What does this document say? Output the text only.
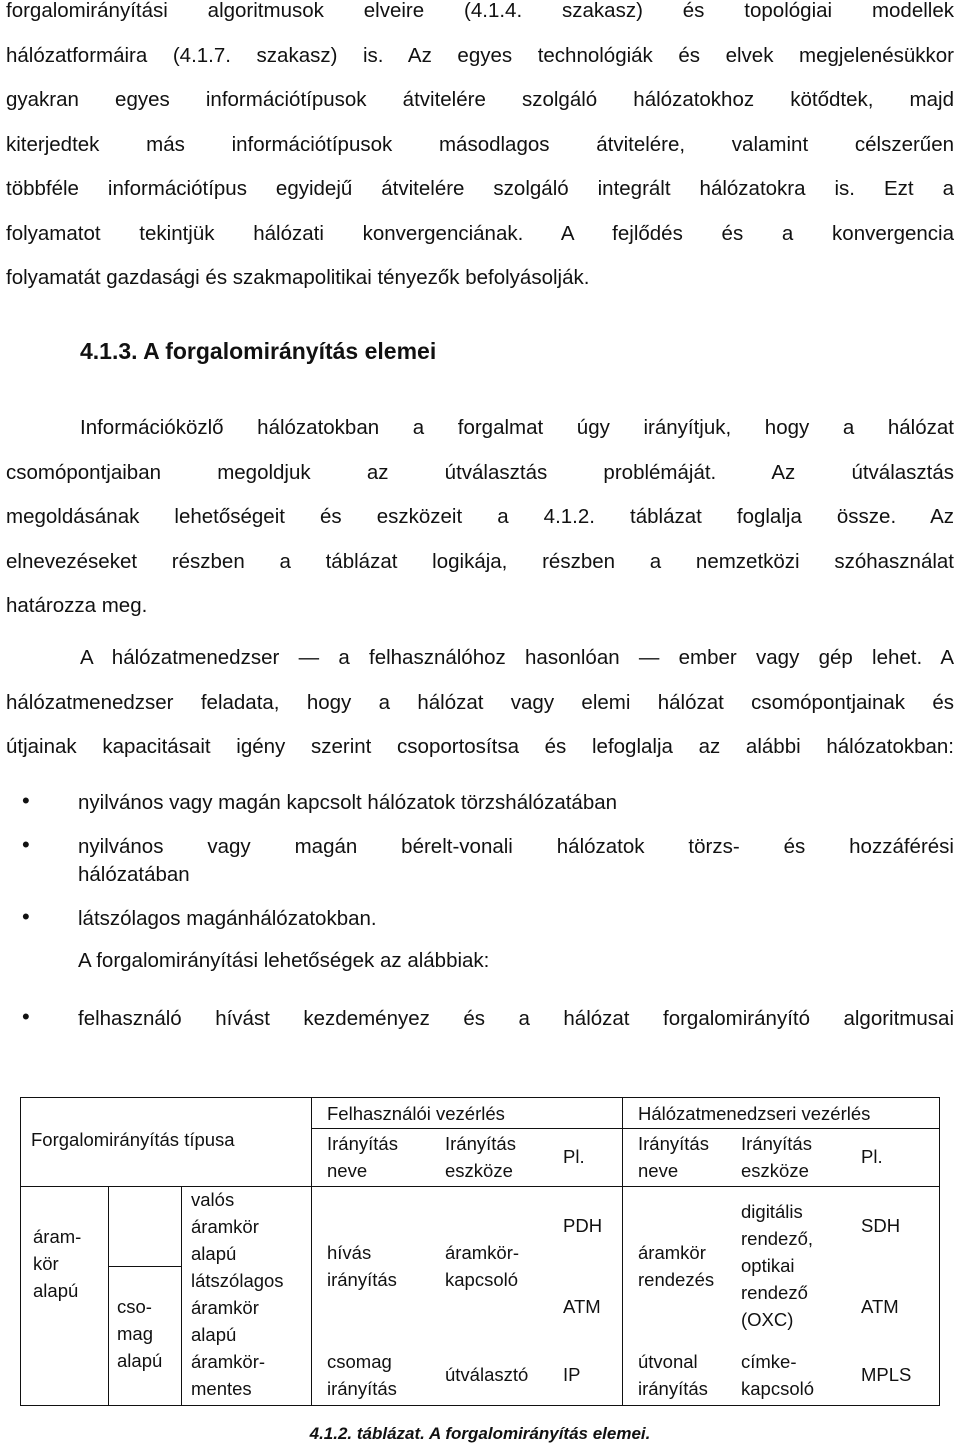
forgalomirányítási algoritmusok elveire (4.1.4. szakasz) és topológiai modellek
hálózatformáira (4.1.7. szakasz) is. Az egyes technológiák és elvek megjelenésükkor
gyakran egyes információtípusok átvitelére szolgáló hálózatokhoz kötődtek, majd
kiterjedtek más információtípusok másodlagos átvitelére, valamint célszerűen
többféle információtípus egyidejű átvitelére szolgáló integrált hálózatokra is. Ezt a
folyamatot tekintjük hálózati konvergenciának. A fejlődés és a konvergencia
folyamatát gazdasági és szakmapolitikai tényezők befolyásolják.
4.1.3. A forgalomirányítás elemei
Információközlő hálózatokban a forgalmat úgy irányítjuk, hogy a hálózat
csomópontjaiban megoldjuk az útválasztás problémáját. Az útválasztás
megoldásának lehetőségeit és eszközeit a 4.1.2. táblázat foglalja össze. Az
elnevezéseket részben a táblázat logikája, részben a nemzetközi szóhasználat
határozza meg.
A hálózatmenedzser — a felhasználóhoz hasonlóan — ember vagy gép lehet. A
hálózatmenedzser feladata, hogy a hálózat vagy elemi hálózat csomópontjainak és
útjainak kapacitásait igény szerint csoportosítsa és lefoglalja az alábbi hálózatokban:
• nyilvános vagy magán kapcsolt hálózatok törzshálózatában
• nyilvános vagy magán bérelt-vonali hálózatok törzs- és hozzáférési
hálózatában
• látszólagos magánhálózatokban.
A forgalomirányítási lehetőségek az alábbiak:
• felhasználó hívást kezdeményez és a hálózat forgalomirányító algoritmusai
Forgalomirányítás típusa
Felhasználói vezérlés	Hálózatmenedzseri vezérlés
Irányítás
neve
Irányítás
eszköze
Pl.
Irányítás
neve
Irányítás
eszköze
Pl.
áram-
kör
alapú
cso-
mag
alapú
valós
áramkör
alapú
látszólagos
áramkör
alapú
áramkör-
mentes
hívás
irányítás
áramkör-
kapcsoló
PDH
ATM
csomag
irányítás
útválasztó IP
áramkör
rendezés
digitális
rendező,
optikai
rendező
(OXC)
SDH
ATM
útvonal
irányítás
címke-
kapcsoló
MPLS
4.1.2. táblázat. A forgalomirányítás elemei.
